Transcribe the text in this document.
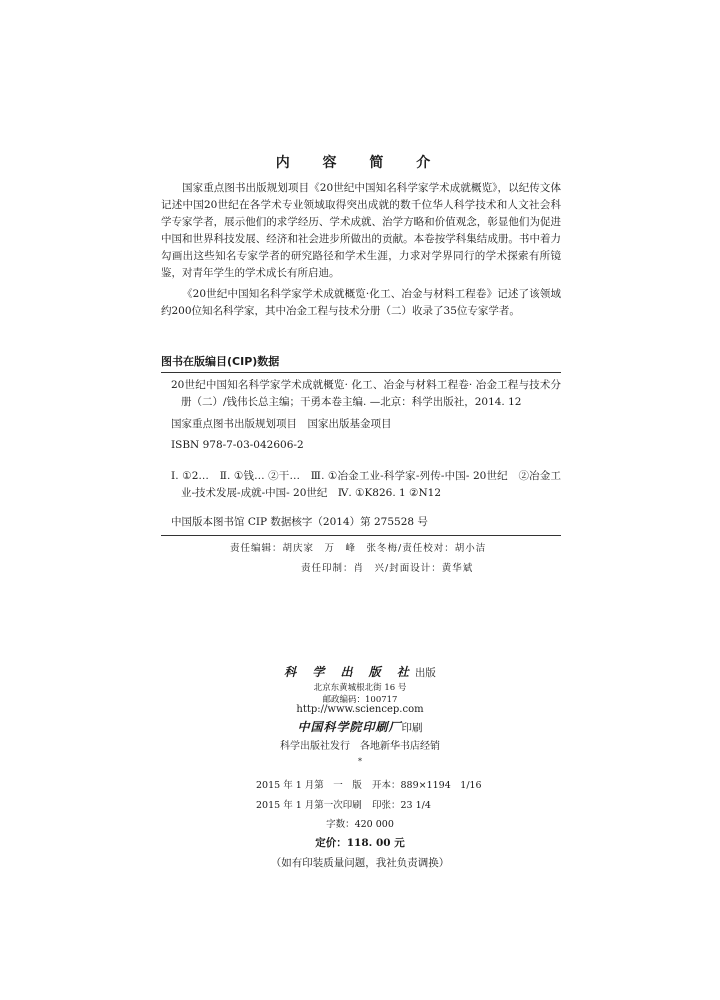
内 容 简 介
国家重点图书出版规划项目《20世纪中国知名科学家学术成就概览》，以纪传文体记述中国20世纪在各学术专业领域取得突出成就的数千位华人科学技术和人文社会科学专家学者，展示他们的求学经历、学术成就、治学方略和价值观念，彰显他们为促进中国和世界科技发展、经济和社会进步所做出的贡献。本卷按学科集结成册。书中着力勾画出这些知名专家学者的研究路径和学术生涯，力求对学界同行的学术探索有所镜鉴，对青年学生的学术成长有所启迪。
《20世纪中国知名科学家学术成就概览·化工、冶金与材料工程卷》记述了该领域约200位知名科学家，其中冶金工程与技术分册（二）收录了35位专家学者。
图书在版编目(CIP)数据
20世纪中国知名科学家学术成就概览· 化工、冶金与材料工程卷· 冶金工程与技术分册（二）/钱伟长总主编；干勇本卷主编. —北京：科学出版社，2014. 12
国家重点图书出版规划项目　国家出版基金项目
ISBN 978-7-03-042606-2
Ⅰ. ①2…　Ⅱ. ①钱… ②干…　Ⅲ. ①冶金工业-科学家-列传-中国- 20世纪　②冶金工业-技术发展-成就-中国- 20世纪　Ⅳ. ①K826. 1 ②N12
中国版本图书馆 CIP 数据核字（2014）第 275528 号
责任编辑：胡庆家　万　峰　张冬梅/责任校对：胡小洁
责任印制：肖　兴/封面设计：黄华斌
科 学 出 版 社出版
北京东黄城根北街 16 号
邮政编码：100717
http://www.sciencep.com
中国科学院印刷厂印刷
科学出版社发行　各地新华书店经销
*
2015 年 1 月第　一　版 开本：889×1194　1/16
2015 年 1 月第一次印刷 印张：23 1/4
字数：420 000
定价：118. 00 元
（如有印装质量问题，我社负责调换）
